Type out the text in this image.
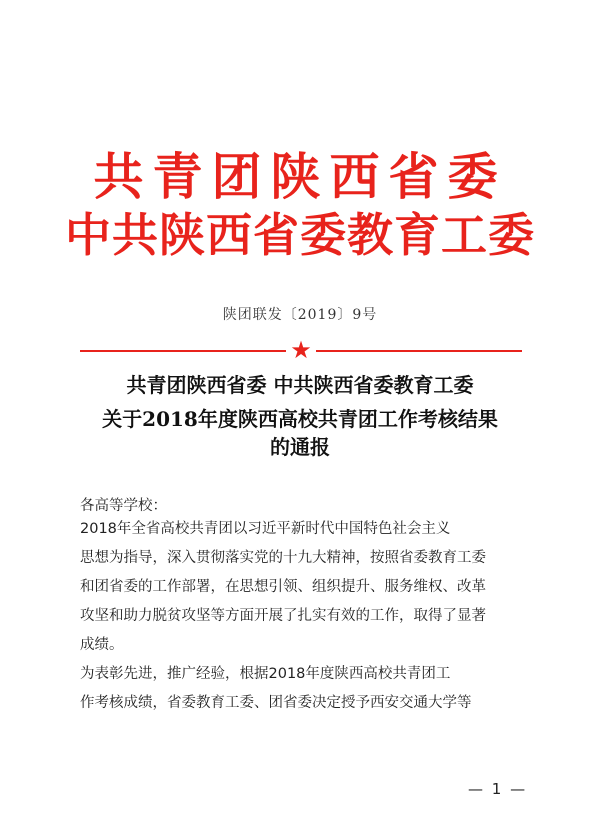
共青团陕西省委
中共陕西省委教育工委
陕团联发〔2019〕9号
★
共青团陕西省委 中共陕西省委教育工委
关于2018年度陕西高校共青团工作考核结果
的通报
各高等学校：
2018年全省高校共青团以习近平新时代中国特色社会主义
思想为指导，深入贯彻落实党的十九大精神，按照省委教育工委
和团省委的工作部署，在思想引领、组织提升、服务维权、改革
攻坚和助力脱贫攻坚等方面开展了扎实有效的工作，取得了显著
成绩。
为表彰先进，推广经验，根据2018年度陕西高校共青团工
作考核成绩，省委教育工委、团省委决定授予西安交通大学等
— 1 —
